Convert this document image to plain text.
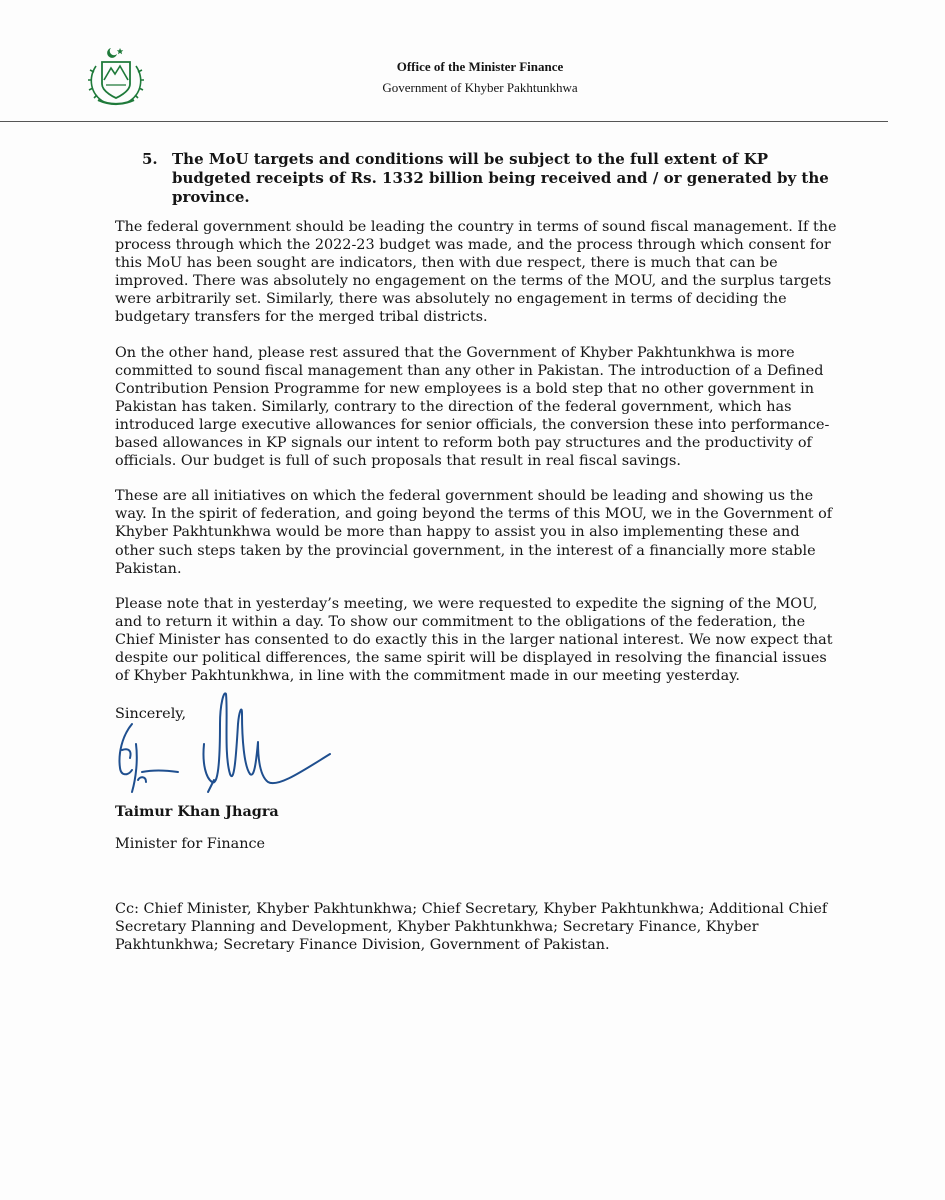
Office of the Minister Finance
Government of Khyber Pakhtunkhwa
5. The MoU targets and conditions will be subject to the full extent of KP budgeted receipts of Rs. 1332 billion being received and / or generated by the province.

The federal government should be leading the country in terms of sound fiscal management. If the process through which the 2022-23 budget was made, and the process through which consent for this MoU has been sought are indicators, then with due respect, there is much that can be improved. There was absolutely no engagement on the terms of the MOU, and the surplus targets were arbitrarily set. Similarly, there was absolutely no engagement in terms of deciding the budgetary transfers for the merged tribal districts.

On the other hand, please rest assured that the Government of Khyber Pakhtunkhwa is more committed to sound fiscal management than any other in Pakistan. The introduction of a Defined Contribution Pension Programme for new employees is a bold step that no other government in Pakistan has taken. Similarly, contrary to the direction of the federal government, which has introduced large executive allowances for senior officials, the conversion these into performance-based allowances in KP signals our intent to reform both pay structures and the productivity of officials. Our budget is full of such proposals that result in real fiscal savings.

These are all initiatives on which the federal government should be leading and showing us the way. In the spirit of federation, and going beyond the terms of this MOU, we in the Government of Khyber Pakhtunkhwa would be more than happy to assist you in also implementing these and other such steps taken by the provincial government, in the interest of a financially more stable Pakistan.

Please note that in yesterday’s meeting, we were requested to expedite the signing of the MOU, and to return it within a day. To show our commitment to the obligations of the federation, the Chief Minister has consented to do exactly this in the larger national interest. We now expect that despite our political differences, the same spirit will be displayed in resolving the financial issues of Khyber Pakhtunkhwa, in line with the commitment made in our meeting yesterday.

Sincerely,
Taimur Khan Jhagra
Minister for Finance
Cc: Chief Minister, Khyber Pakhtunkhwa; Chief Secretary, Khyber Pakhtunkhwa; Additional Chief Secretary Planning and Development, Khyber Pakhtunkhwa; Secretary Finance, Khyber Pakhtunkhwa; Secretary Finance Division, Government of Pakistan.
